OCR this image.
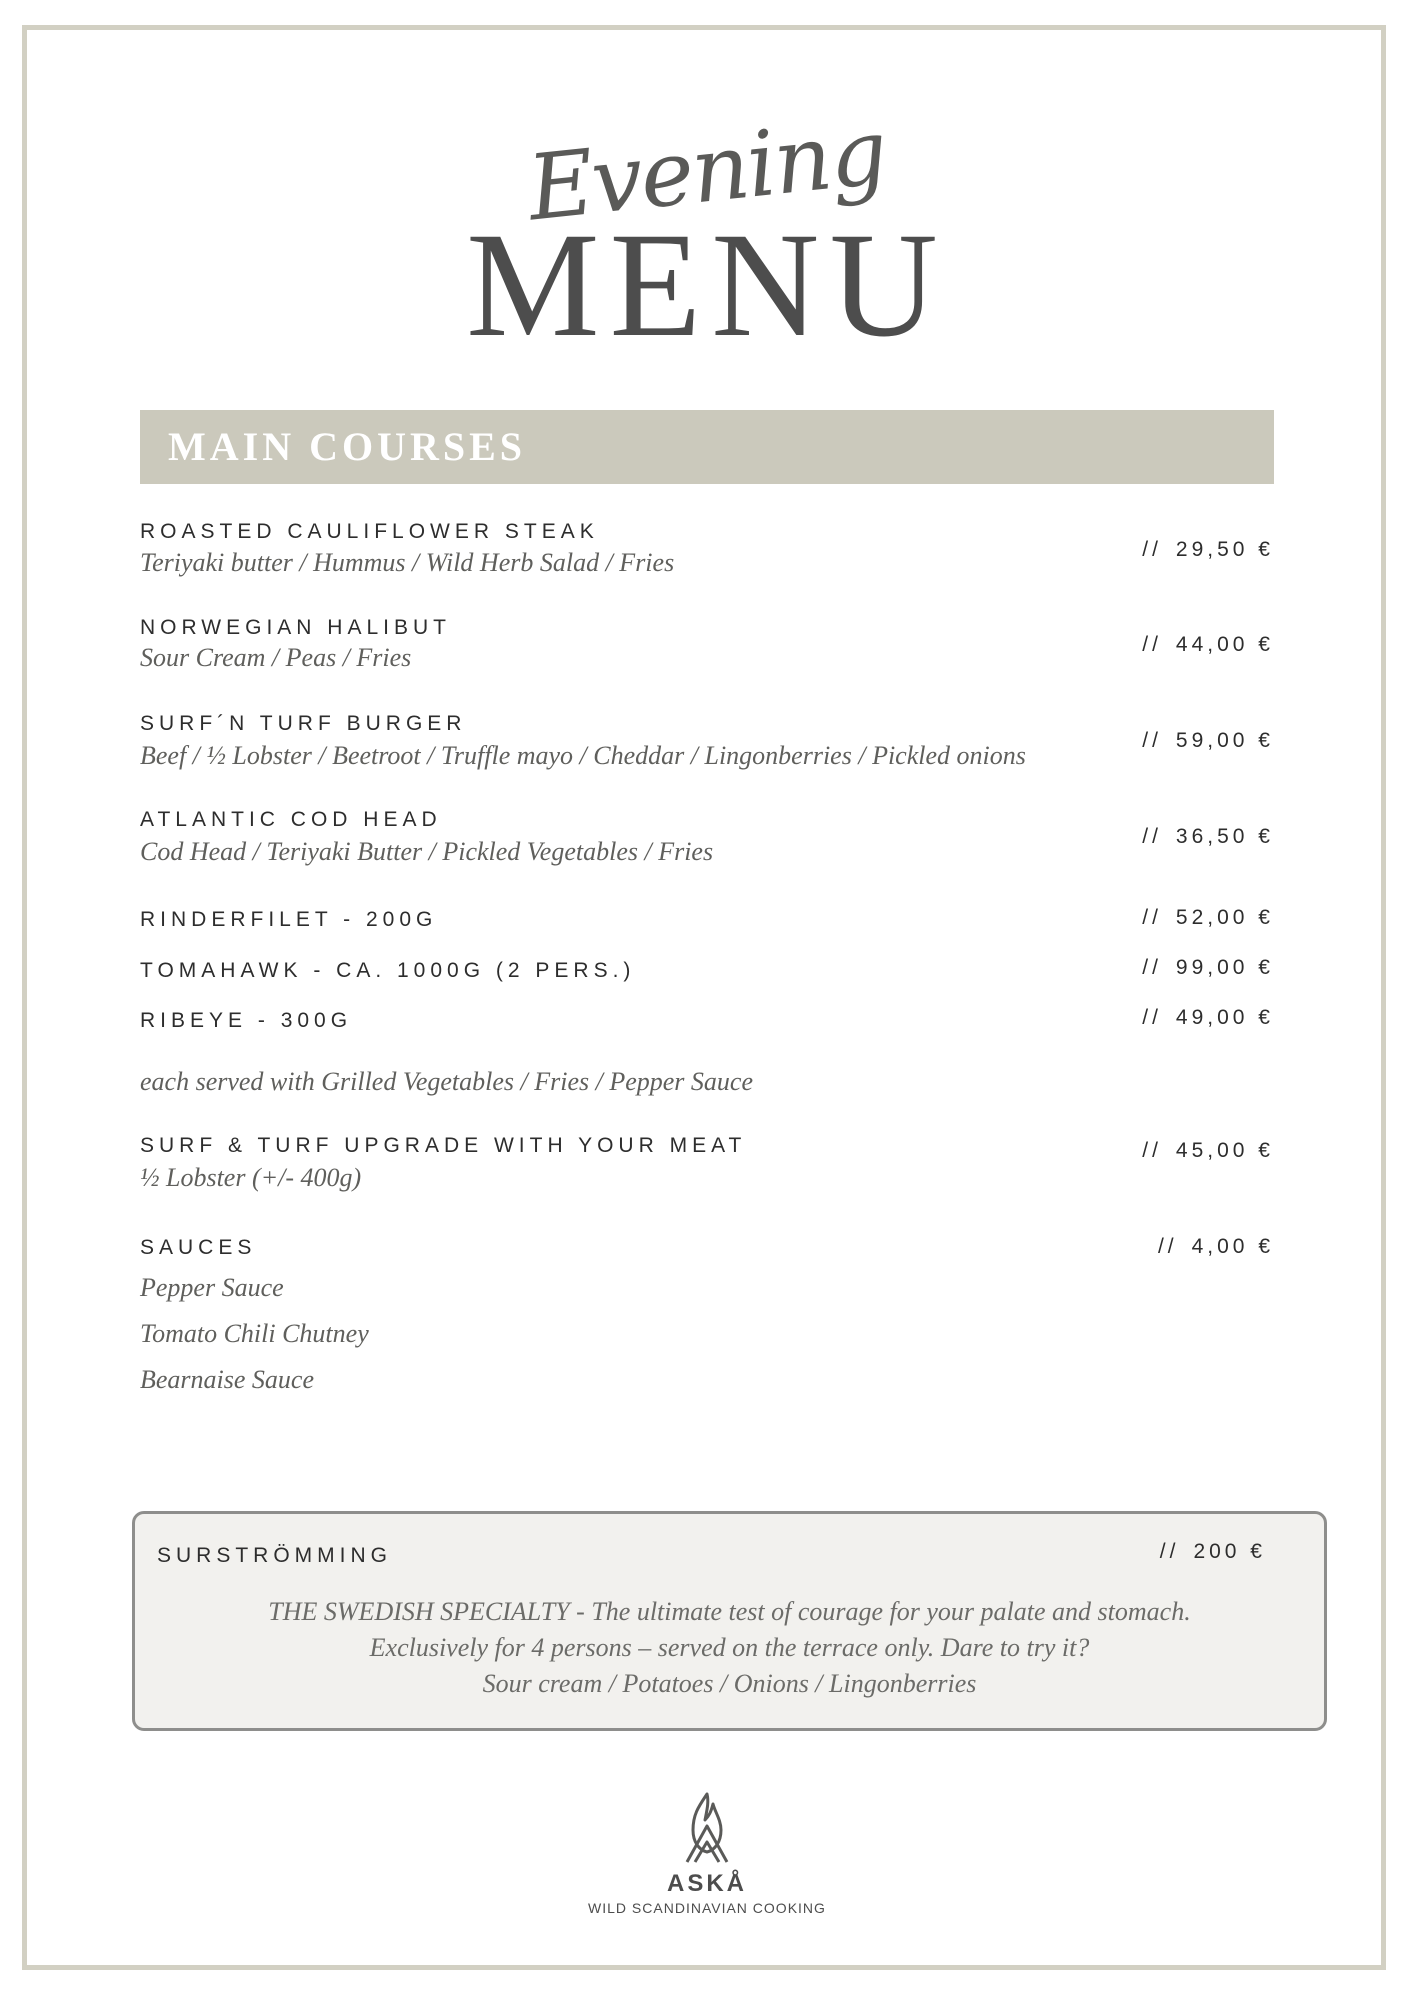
Evening
MENU
MAIN COURSES
ROASTED CAULIFLOWER STEAK
Teriyaki butter / Hummus / Wild Herb Salad / Fries	// 29,50 €
NORWEGIAN HALIBUT
Sour Cream / Peas / Fries	// 44,00 €
SURF´N TURF BURGER
Beef / ½ Lobster / Beetroot / Truffle mayo / Cheddar / Lingonberries / Pickled onions
// 59,00 €
ATLANTIC COD HEAD
Cod Head / Teriyaki Butter / Pickled Vegetables / Fries
// 36,50 €
RINDERFILET - 200G	// 52,00 €
TOMAHAWK - CA. 1000G (2 PERS.)	// 99,00 €
RIBEYE - 300G	// 49,00 €
each served with Grilled Vegetables / Fries / Pepper Sauce
SURF & TURF UPGRADE WITH YOUR MEAT
½ Lobster (+/- 400g)
// 45,00 €
SAUCES	// 4,00 €
Pepper Sauce
Tomato Chili Chutney
Bearnaise Sauce
SURSTRÖMMING	// 200 €
THE SWEDISH SPECIALTY - The ultimate test of courage for your palate and stomach.
Exclusively for 4 persons – served on the terrace only. Dare to try it?
Sour cream / Potatoes / Onions / Lingonberries
ASKÅ
WILD SCANDINAVIAN COOKING
